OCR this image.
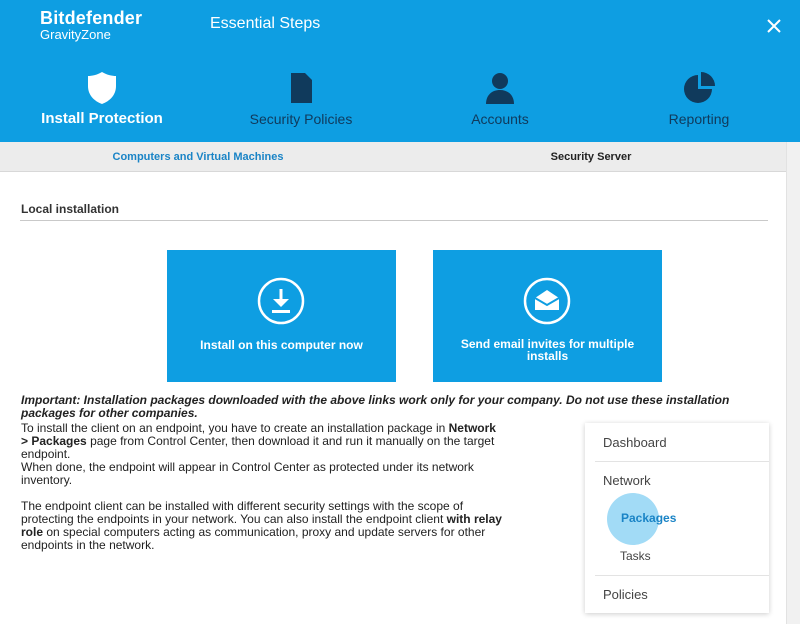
Bitdefender
GravityZone
Essential Steps
Install Protection	Security Policies	Accounts	Reporting
Computers and Virtual Machines	Security Server
Local installation
Install on this computer now	Send email invites for multiple
installs
Important: Installation packages downloaded with the above links work only for your company. Do not use these installation packages for other companies.

To install the client on an endpoint, you have to create an installation package in Network > Packages page from Control Center, then download it and run it manually on the target endpoint.

When done, the endpoint will appear in Control Center as protected under its network inventory.

The endpoint client can be installed with different security settings with the scope of protecting the endpoints in your network. You can also install the endpoint client with relay role on special computers acting as communication, proxy and update servers for other endpoints in the network.

Dashboard
Network
Packages
Tasks
Policies
